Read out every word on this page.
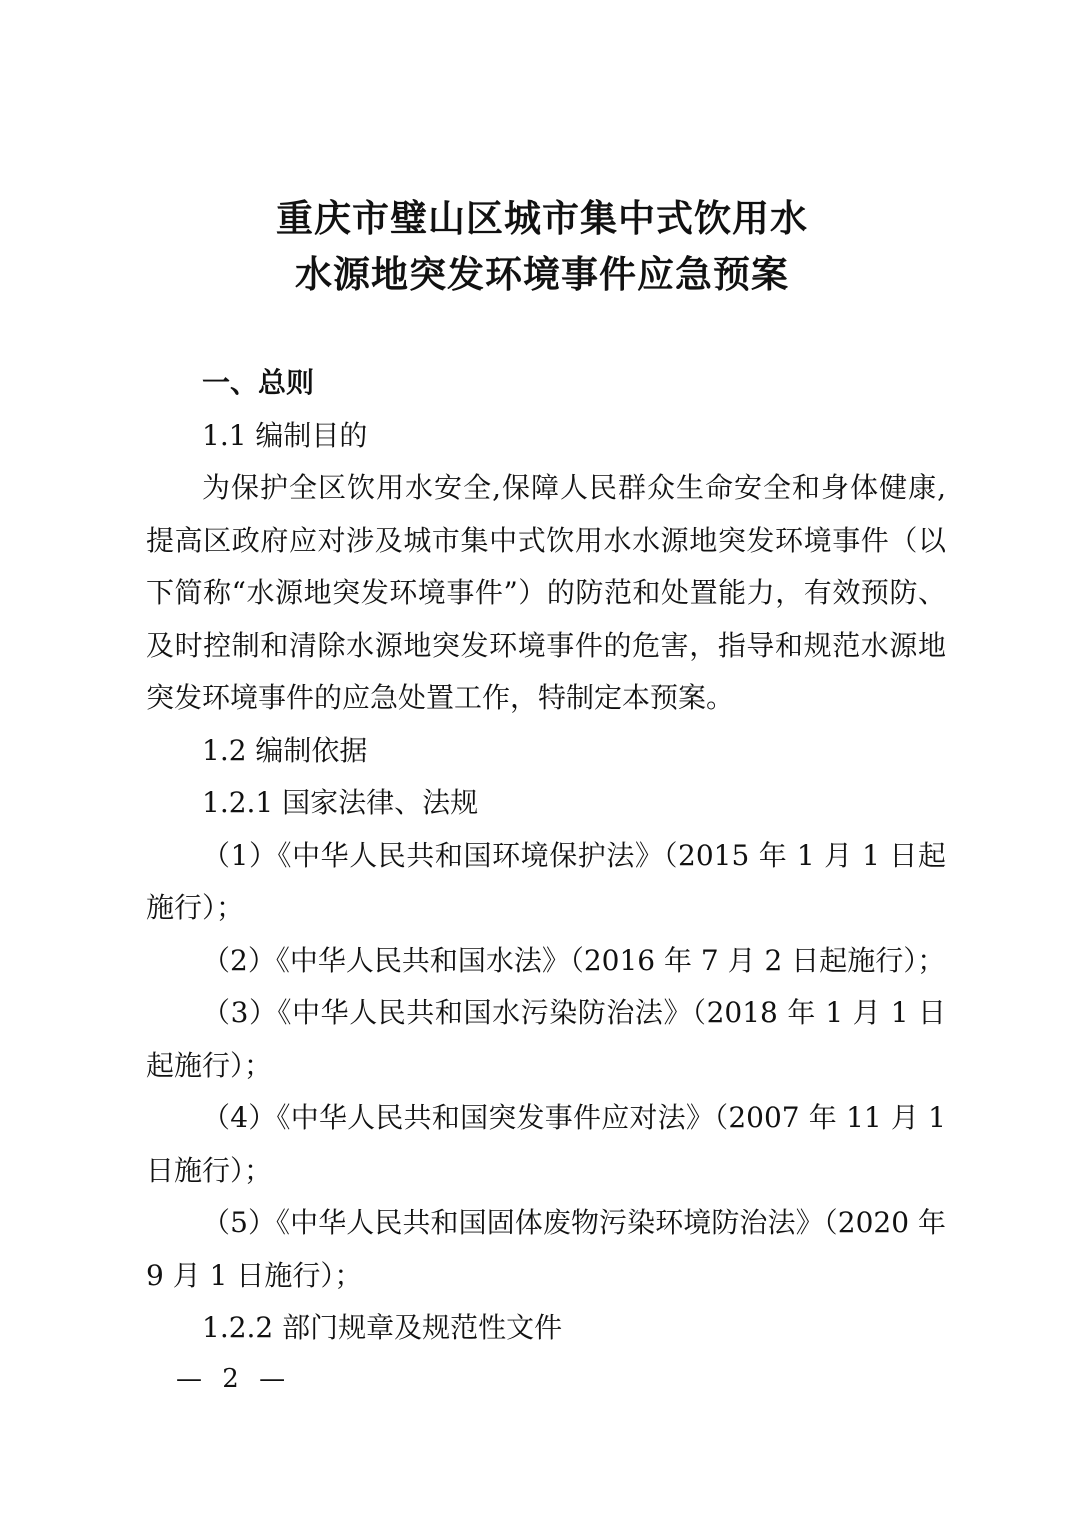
重庆市璧山区城市集中式饮用水
水源地突发环境事件应急预案

一、总则

1.1 编制目的

为保护全区饮用水安全,保障人民群众生命安全和身体健康,提高区政府应对涉及城市集中式饮用水水源地突发环境事件（以下简称“水源地突发环境事件”）的防范和处置能力，有效预防、及时控制和清除水源地突发环境事件的危害，指导和规范水源地突发环境事件的应急处置工作，特制定本预案。

1.2 编制依据

1.2.1 国家法律、法规

（1）《中华人民共和国环境保护法》（2015 年 1 月 1 日起施行）；

（2）《中华人民共和国水法》（2016 年 7 月 2 日起施行）；

（3）《中华人民共和国水污染防治法》（2018 年 1 月 1 日起施行）；

（4）《中华人民共和国突发事件应对法》（2007 年 11 月 1 日施行）；

（5）《中华人民共和国固体废物污染环境防治法》（2020 年 9 月 1 日施行）；

1.2.2 部门规章及规范性文件

— 2 —
